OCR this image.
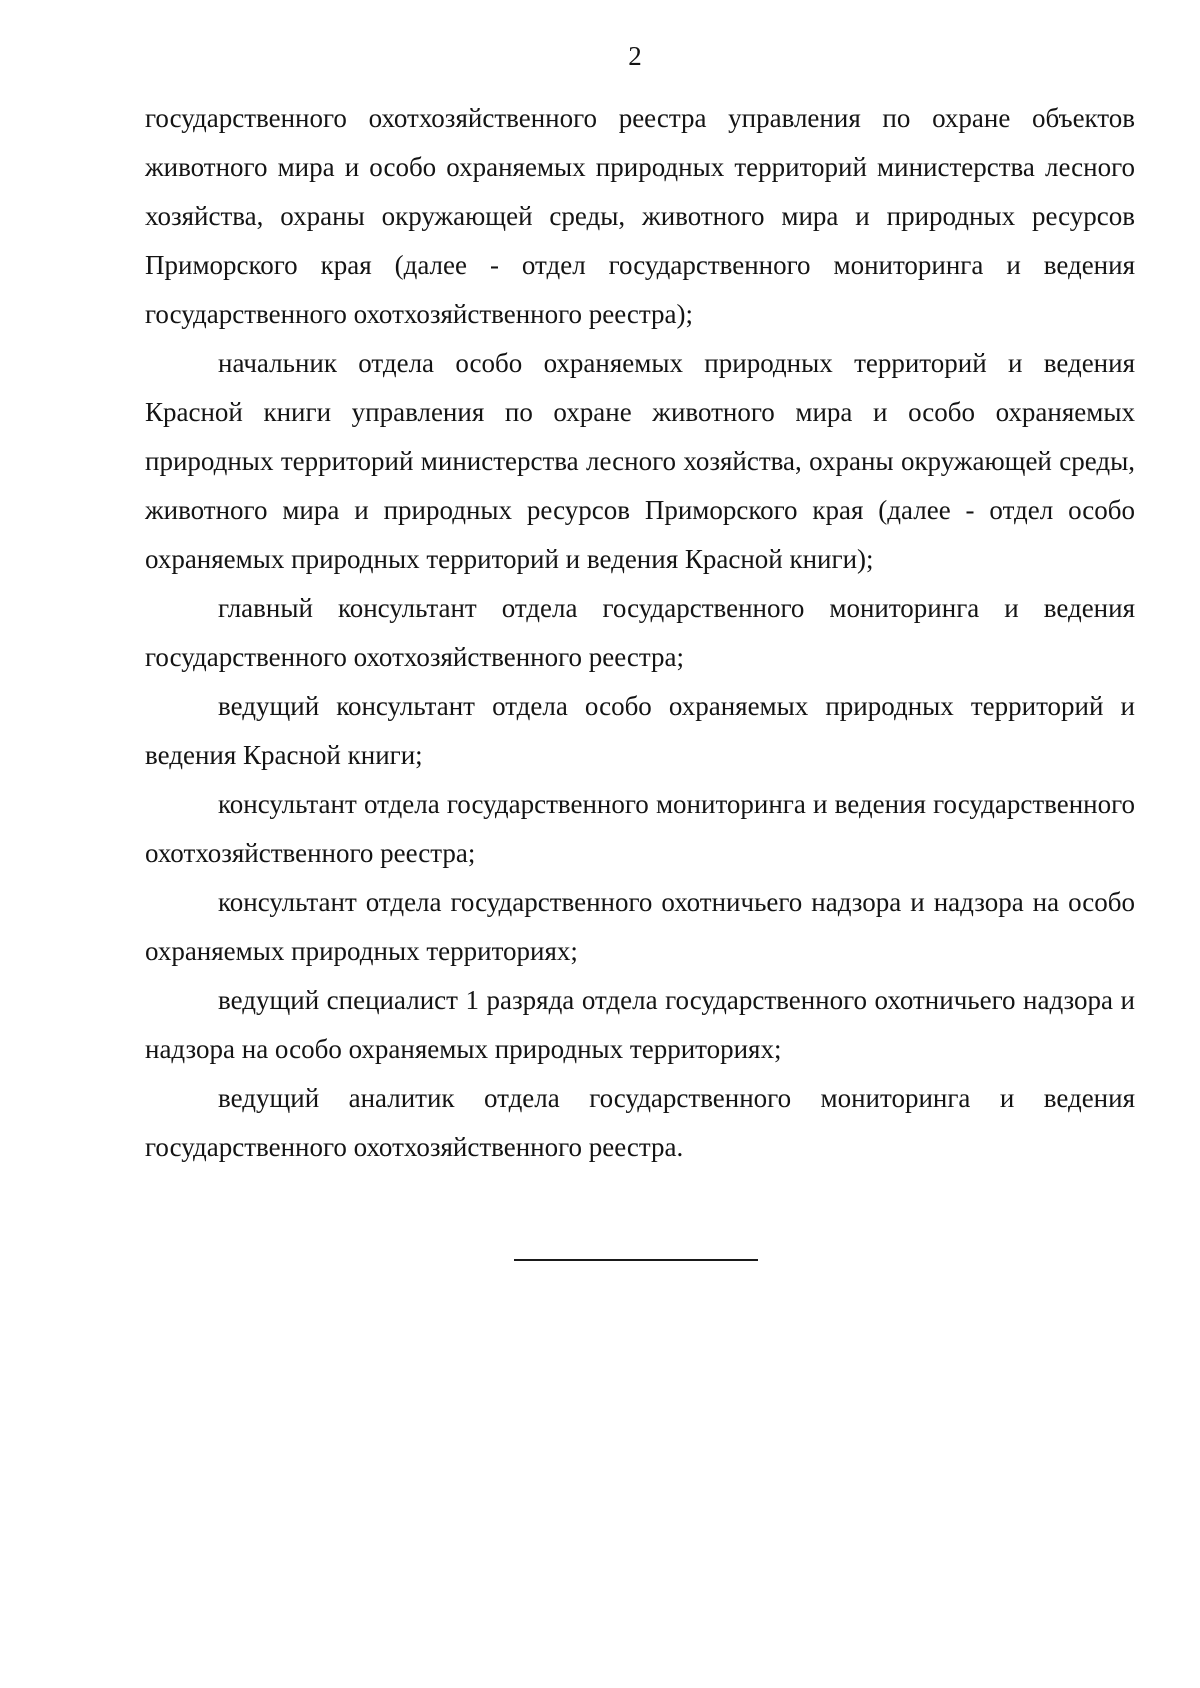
2

государственного охотхозяйственного реестра управления по охране объектов животного мира и особо охраняемых природных территорий министерства лесного хозяйства, охраны окружающей среды, животного мира и природных ресурсов Приморского края (далее - отдел государственного мониторинга и ведения государственного охотхозяйственного реестра);

начальник отдела особо охраняемых природных территорий и ведения Красной книги управления по охране животного мира и особо охраняемых природных территорий министерства лесного хозяйства, охраны окружающей среды, животного мира и природных ресурсов Приморского края (далее - отдел особо охраняемых природных территорий и ведения Красной книги);

главный консультант отдела государственного мониторинга и ведения государственного охотхозяйственного реестра;

ведущий консультант отдела особо охраняемых природных территорий и ведения Красной книги;

консультант отдела государственного мониторинга и ведения государственного охотхозяйственного реестра;

консультант отдела государственного охотничьего надзора и надзора на особо охраняемых природных территориях;

ведущий специалист 1 разряда отдела государственного охотничьего надзора и надзора на особо охраняемых природных территориях;

ведущий аналитик отдела государственного мониторинга и ведения государственного охотхозяйственного реестра.
